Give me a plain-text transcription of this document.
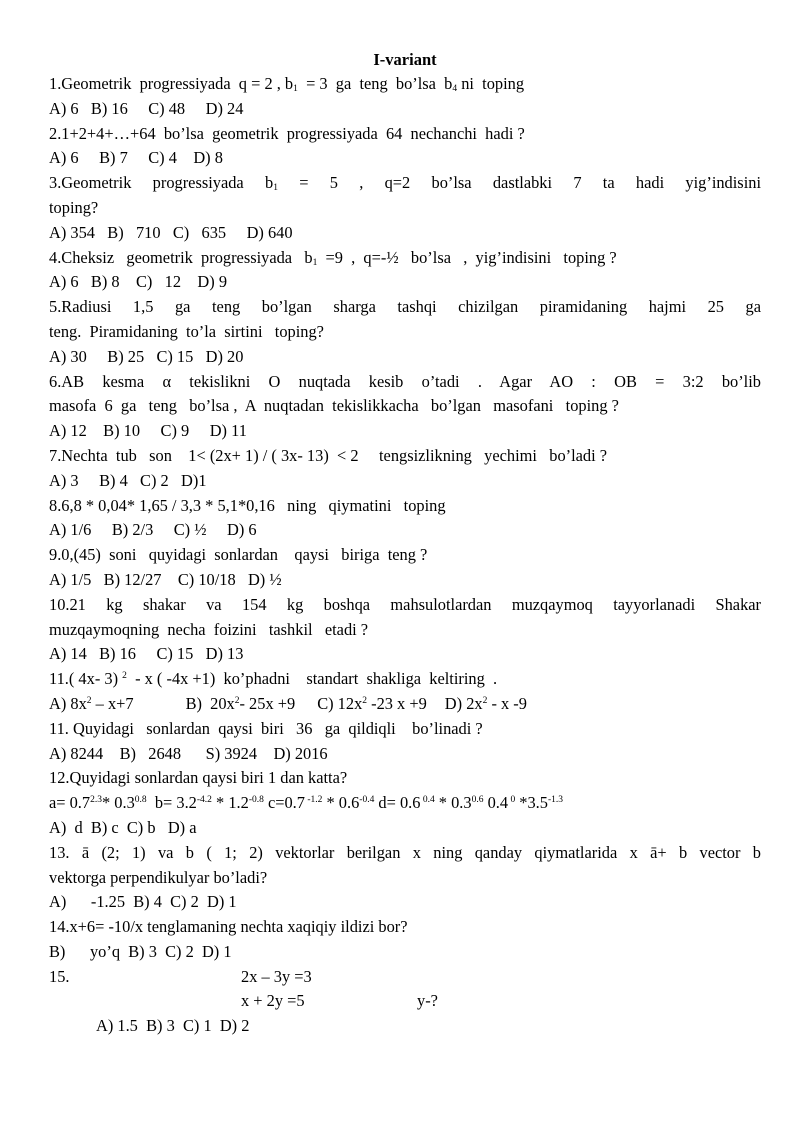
I-variant
1.Geometrik  progressiyada  q = 2 , $b_1 = 3$  ga  teng  bo’lsa  $b_4$ ni  toping
A) 6   B) 16     C) 48     D) 24
2.1+2+4+…+64  bo’lsa  geometrik  progressiyada  64  nechanchi  hadi ?
A) 6     B) 7     C) 4    D) 8
3.Geometrik progressiyada $b_1 = 5$ , q=2 bo’lsa dastlabki 7 ta hadi yig’indisini
toping?
A) 354   B)   710   C)   635     D) 640
4.Cheksiz   geometrik  progressiyada   $b_1 =9$  ,  q=-½   bo’lsa   ,  yig’indisini   toping ?
A) 6   B) 8    C)   12    D) 9
5.Radiusi 1,5 ga teng bo’lgan sharga tashqi chizilgan piramidaning hajmi 25 ga
teng.  Piramidaning  to’la  sirtini   toping?
A) 30     B) 25   C) 15   D) 20
6.AB kesma α tekislikni O nuqtada kesib o’tadi . Agar AO : OB = 3:2 bo’lib
masofa  6  ga   teng   bo’lsa ,  A  nuqtadan  tekislikkacha   bo’lgan   masofani   toping ?
A) 12    B) 10     C) 9     D) 11
7.Nechta  tub   son    1< (2x+ 1) / ( 3x- 13)  < 2     tengsizlikning   yechimi   bo’ladi ?
A) 3     B) 4   C) 2   D)1
8.6,8 * 0,04* 1,65 / 3,3 * 5,1*0,16   ning   qiymatini   toping
A) 1/6     B) 2/3     C) ½     D) 6
9.0,(45)  soni   quyidagi  sonlardan    qaysi   biriga  teng ?
A) 1/5   B) 12/27    C) 10/18   D) ½
10.21 kg shakar va 154 kg boshqa mahsulotlardan muzqaymoq tayyorlanadi Shakar
muzqaymoqning  necha  foizini   tashkil   etadi ?
A) 14   B) 16     C) 15   D) 13
11.( 4x- 3) $^2$  - x ( -4x +1)  ko’phadni    standart  shakliga  keltiring  .
A) $8x^2 - x+7$	B)  $20x^2-$ 25x +9 C) $12x^2$ -23 x +9 D) $2x^2$ - x -9
11. Quyidagi   sonlardan  qaysi  biri   36   ga  qildiqli    bo’linadi ?
A) 8244    B)   2648      S) 3924    D) 2016
12.Quyidagi sonlardan qaysi biri 1 dan katta?
$a= 0.7^{2.3}*$ $0.3^{0.8}$  $b= 3.2^{-4.2} * 1.2^{-0.8}$ c=0.7 $^{-1.2} * 0.6^{-0.4}$ d= 0.6 $^{0.4} * 0.3^{0.6}$ 0.4 $^0$ $*3.5^{-1.3}$
A)  d  B) c  C) b   D) a
13. ā (2; 1) va b ( 1; 2) vektorlar berilgan x ning qanday qiymatlarida x ā+ b vector b
vektorga perpendikulyar bo’ladi?
A)      -1.25  B) 4  C) 2  D) 1
14.x+6= -10/x tenglamaning nechta xaqiqiy ildizi bor?
B)      yo’q  B) 3  C) 2  D) 1
15.	2x – 3y =3
x + 2y =5	y-?
A) 1.5  B) 3  C) 1  D) 2
